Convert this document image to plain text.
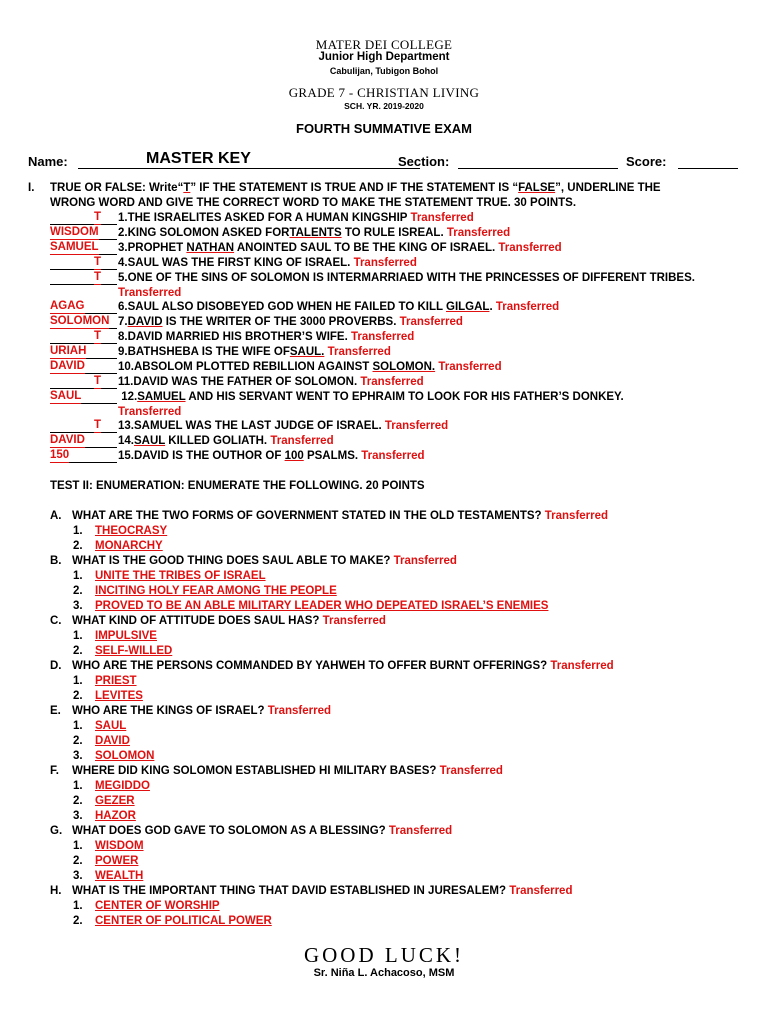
MATER DEI COLLEGE
Junior High Department
Cabulijan, Tubigon Bohol
GRADE 7 - CHRISTIAN LIVING
SCH. YR. 2019-2020
FOURTH SUMMATIVE EXAM
Name:	MASTER KEY	Section:	Score:
I. TRUE OR FALSE: Write“T” IF THE STATEMENT IS TRUE AND IF THE STATEMENT IS “FALSE”, UNDERLINE THE
WRONG WORD AND GIVE THE CORRECT WORD TO MAKE THE STATEMENT TRUE. 30 POINTS.
T 1.THE ISRAELITES ASKED FOR A HUMAN KINGSHIP Transferred
WISDOM 2.KING SOLOMON ASKED FORTALENTS TO RULE ISREAL. Transferred
SAMUEL 3.PROPHET NATHAN ANOINTED SAUL TO BE THE KING OF ISRAEL. Transferred
T 4.SAUL WAS THE FIRST KING OF ISRAEL. Transferred
T 5.ONE OF THE SINS OF SOLOMON IS INTERMARRIAED WITH THE PRINCESSES OF DIFFERENT TRIBES.
Transferred
AGAG	6.SAUL ALSO DISOBEYED GOD WHEN HE FAILED TO KILL GILGAL. Transferred
SOLOMON 7.DAVID IS THE WRITER OF THE 3000 PROVERBS. Transferred
T 8.DAVID MARRIED HIS BROTHER’S WIFE. Transferred
URIAH	9.BATHSHEBA IS THE WIFE OFSAUL. Transferred
DAVID	10.ABSOLOM PLOTTED REBILLION AGAINST SOLOMON. Transferred
T 11.DAVID WAS THE FATHER OF SOLOMON. Transferred
SAUL	12.SAMUEL AND HIS SERVANT WENT TO EPHRAIM TO LOOK FOR HIS FATHER’S DONKEY.
Transferred
T 13.SAMUEL WAS THE LAST JUDGE OF ISRAEL. Transferred
DAVID	14.SAUL KILLED GOLIATH. Transferred
150	15.DAVID IS THE OUTHOR OF 100 PSALMS. Transferred
TEST II: ENUMERATION: ENUMERATE THE FOLLOWING. 20 POINTS
A. WHAT ARE THE TWO FORMS OF GOVERNMENT STATED IN THE OLD TESTAMENTS? Transferred
1. THEOCRASY
2. MONARCHY
B. WHAT IS THE GOOD THING DOES SAUL ABLE TO MAKE? Transferred
1. UNITE THE TRIBES OF ISRAEL
2. INCITING HOLY FEAR AMONG THE PEOPLE
3. PROVED TO BE AN ABLE MILITARY LEADER WHO DEPEATED ISRAEL’S ENEMIES
C. WHAT KIND OF ATTITUDE DOES SAUL HAS? Transferred
1. IMPULSIVE
2. SELF-WILLED
D. WHO ARE THE PERSONS COMMANDED BY YAHWEH TO OFFER BURNT OFFERINGS? Transferred
1. PRIEST
2. LEVITES
E. WHO ARE THE KINGS OF ISRAEL? Transferred
1. SAUL
2. DAVID
3. SOLOMON
F. WHERE DID KING SOLOMON ESTABLISHED HI MILITARY BASES? Transferred
1. MEGIDDO
2. GEZER
3. HAZOR
G. WHAT DOES GOD GAVE TO SOLOMON AS A BLESSING? Transferred
1. WISDOM
2. POWER
3. WEALTH
H. WHAT IS THE IMPORTANT THING THAT DAVID ESTABLISHED IN JURESALEM? Transferred
1. CENTER OF WORSHIP
2. CENTER OF POLITICAL POWER
GOOD LUCK!
Sr. Niña L. Achacoso, MSM
